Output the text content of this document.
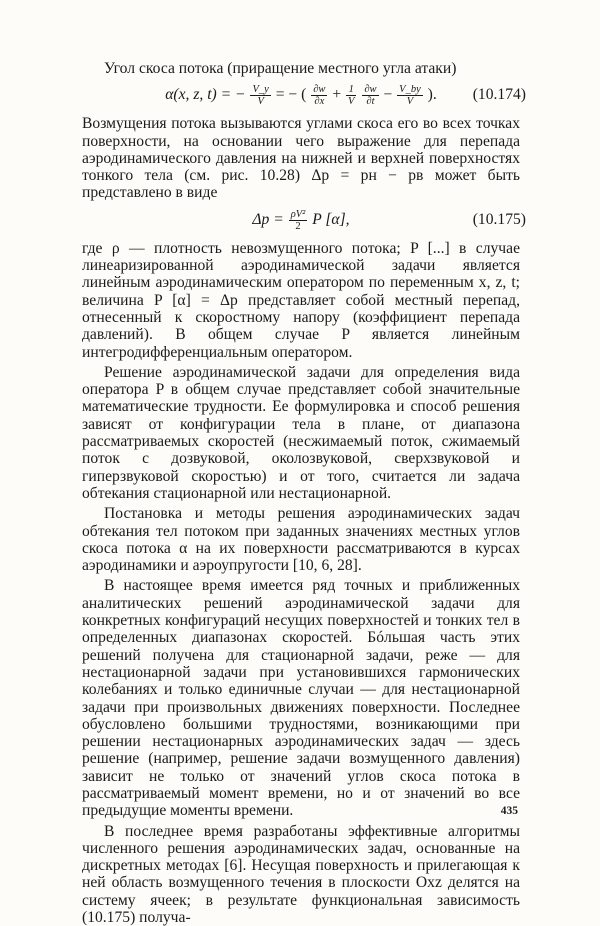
Угол скоса потока (приращение местного угла атаки)

α(x, z, t) = − $\frac{V\_y}{V}$ = − ( $\frac{\partial w}{\partial x} + \frac{1}{V}$
$\frac{\partial w}{\partial t} - \frac{V\_by}{V}$ ).	(10.174)

Возмущения потока вызываются углами скоса его во всех точках поверхности, на основании чего выражение для перепада аэродинамического давления на нижней и верхней поверхностях тонкого тела (см. рис. 10.28) Δp = pн − pв может быть представлено в виде

$\Delta p = \frac{\text{ρV²}}{2}$ P [α],	(10.175)

где ρ — плотность невозмущенного потока; P [...] в случае линеаризированной аэродинамической задачи является линейным аэродинамическим оператором по переменным x, z, t; величина P [α] = Δp представляет собой местный перепад, отнесенный к скоростному напору (коэффициент перепада давлений). В общем случае P является линейным интегродифференциальным оператором.

Решение аэродинамической задачи для определения вида оператора P в общем случае представляет собой значительные математические трудности. Ее формулировка и способ решения зависят от конфигурации тела в плане, от диапазона рассматриваемых скоростей (несжимаемый поток, сжимаемый поток с дозвуковой, околозвуковой, сверхзвуковой и гиперзвуковой скоростью) и от того, считается ли задача обтекания стационарной или нестационарной.

Постановка и методы решения аэродинамических задач обтекания тел потоком при заданных значениях местных углов скоса потока α на их поверхности рассматриваются в курсах аэродинамики и аэроупругости [10, 6, 28].

В настоящее время имеется ряд точных и приближенных аналитических решений аэродинамической задачи для конкретных конфигураций несущих поверхностей и тонких тел в определенных диапазонах скоростей. Бóльшая часть этих решений получена для стационарной задачи, реже — для нестационарной задачи при установившихся гармонических колебаниях и только единичные случаи — для нестационарной задачи при произвольных движениях поверхности. Последнее обусловлено большими трудностями, возникающими при решении нестационарных аэродинамических задач — здесь решение (например, решение задачи возмущенного давления) зависит не только от значений углов скоса потока в рассматриваемый момент времени, но и от значений во все предыдущие моменты времени.

В последнее время разработаны эффективные алгоритмы численного решения аэродинамических задач, основанные на дискретных методах [6]. Несущая поверхность и прилегающая к ней область возмущенного течения в плоскости Oxz делятся на систему ячеек; в результате функциональная зависимость (10.175) получа-

435
